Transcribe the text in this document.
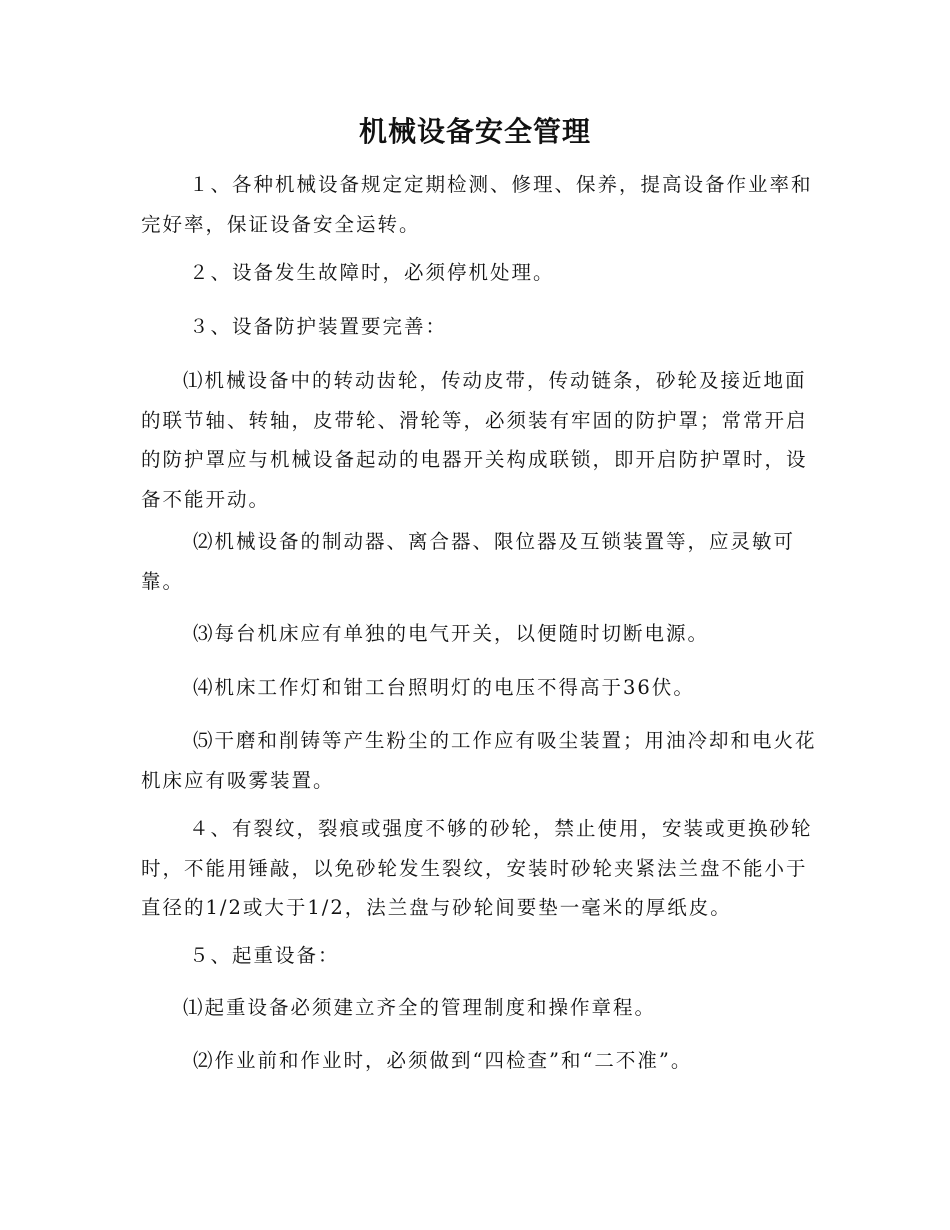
机械设备安全管理
１、各种机械设备规定定期检测、修理、保养，提高设备作业率和完好率，保证设备安全运转。
２、设备发生故障时，必须停机处理。
３、设备防护装置要完善：
⑴机械设备中的转动齿轮，传动皮带，传动链条，砂轮及接近地面的联节轴、转轴，皮带轮、滑轮等，必须装有牢固的防护罩；常常开启的防护罩应与机械设备起动的电器开关构成联锁，即开启防护罩时，设备不能开动。
⑵机械设备的制动器、离合器、限位器及互锁装置等，应灵敏可靠。
⑶每台机床应有单独的电气开关，以便随时切断电源。
⑷机床工作灯和钳工台照明灯的电压不得高于36伏。
⑸干磨和削铸等产生粉尘的工作应有吸尘装置；用油冷却和电火花机床应有吸雾装置。
４、有裂纹，裂痕或强度不够的砂轮，禁止使用，安装或更换砂轮时，不能用锤敲，以免砂轮发生裂纹，安装时砂轮夹紧法兰盘不能小于直径的1/2或大于1/2，法兰盘与砂轮间要垫一毫米的厚纸皮。
５、起重设备：
⑴起重设备必须建立齐全的管理制度和操作章程。
⑵作业前和作业时，必须做到“四检查”和“二不准”。
